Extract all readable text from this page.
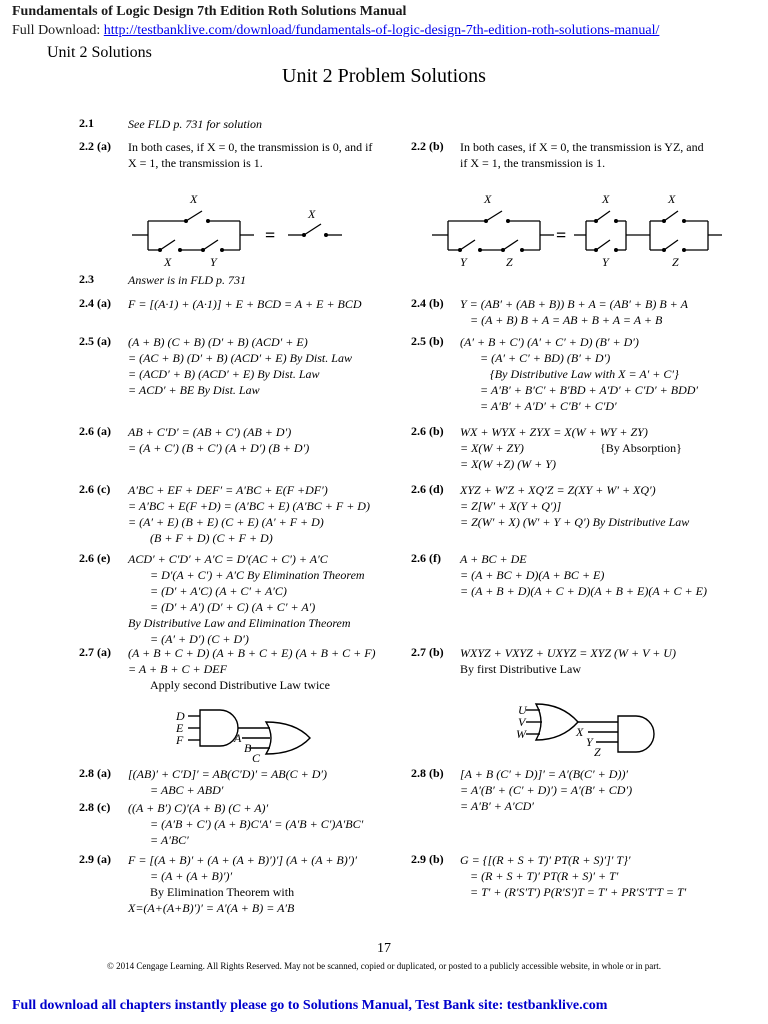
Fundamentals of Logic Design 7th Edition Roth Solutions Manual
Full Download: http://testbanklive.com/download/fundamentals-of-logic-design-7th-edition-roth-solutions-manual/
Unit 2 Solutions
Unit 2 Problem Solutions
2.1	See FLD p. 731 for solution
2.2 (a) In both cases, if X = 0, the transmission is 0, and if
X = 1, the transmission is 1.
2.2 (b) In both cases, if X = 0, the transmission is YZ, and
if X = 1, the transmission is 1.
X
X	Y
=
X
X
Y	Z
=
X
Y
X
Z
2.3	Answer is in FLD p. 731
2.4 (a) F = [(A·1) + (A·1)] + E + BCD = A + E + BCD	2.4 (b) Y = (AB′ + (AB + B)) B + A = (AB′ + B) B + A
= (A + B) B + A = AB + B + A = A + B
2.5 (a) (A + B) (C + B) (D′ + B) (ACD′ + E)
= (AC + B) (D′ + B) (ACD′ + E) By Dist. Law
= (ACD′ + B) (ACD′ + E) By Dist. Law
= ACD′ + BE By Dist. Law
2.5 (b) (A′ + B + C′) (A′ + C′ + D) (B′ + D′)
= (A′ + C′ + BD) (B′ + D′)
{By Distributive Law with X = A′ + C′}
= A′B′ + B′C′ + B′BD + A′D′ + C′D′ + BDD′
= A′B′ + A′D′ + C′B′ + C′D′
2.6 (a) AB + C′D′ = (AB + C′) (AB + D′)
= (A + C′) (B + C′) (A + D′) (B + D′)
2.6 (b) WX + WYX + ZYX = X(W + WY + ZY)
= X(W + ZY)
= X(W +Z) (W + Y)
{By Absorption}
2.6 (c) A′BC + EF + DEF′ = A′BC + E(F +DF′)
= A′BC + E(F +D) = (A′BC + E) (A′BC + F + D)
= (A′ + E) (B + E) (C + E) (A′ + F + D)
(B + F + D) (C + F + D)
2.6 (d) XYZ + W′Z + XQ′Z = Z(XY + W′ + XQ′)
= Z[W′ + X(Y + Q′)]
= Z(W′ + X) (W′ + Y + Q′) By Distributive Law
2.6 (e) ACD′ + C′D′ + A′C = D′(AC + C′) + A′C
= D′(A + C′) + A′C By Elimination Theorem
= (D′ + A′C) (A + C′ + A′C)
= (D′ + A′) (D′ + C) (A + C′ + A′)
By Distributive Law and Elimination Theorem
= (A′ + D′) (C + D′)
2.6 (f) A + BC + DE
= (A + BC + D)(A + BC + E)
= (A + B + D)(A + C + D)(A + B + E)(A + C + E)
2.7 (a) (A + B + C + D) (A + B + C + E) (A + B + C + F)
= A + B + C + DEF
Apply second Distributive Law twice
2.7 (b) WXYZ + VXYZ + UXYZ = XYZ (W + V + U)
By first Distributive Law
D
E
F	A
B
C
U
V
W	X
Y
Z
2.8 (a) [(AB)′ + C′D]′ = AB(C′D)′ = AB(C + D′)
= ABC + ABD′
2.8 (b) [A + B (C′ + D)]′ = A′(B(C′ + D))′
= A′(B′ + (C′ + D)′) = A′(B′ + CD′)
= A′B′ + A′CD′
2.8 (c) ((A + B′) C)′(A + B) (C + A)′
= (A′B + C′) (A + B)C′A′ = (A′B + C′)A′BC′
= A′BC′
2.9 (a) F = [(A + B)′ + (A + (A + B)′)′] (A + (A + B)′)′
= (A + (A + B)′)′
By Elimination Theorem with
X=(A+(A+B)′)′ = A′(A + B) = A′B
2.9 (b) G = {[(R + S + T)′ PT(R + S)′]′ T}′
= (R + S + T)′ PT(R + S)′ + T′
= T′ + (R′S′T′) P(R′S′)T = T′ + PR′S′T′T = T′
17
© 2014 Cengage Learning. All Rights Reserved. May not be scanned, copied or duplicated, or posted to a publicly accessible website, in whole or in part.
Full download all chapters instantly please go to Solutions Manual, Test Bank site: testbanklive.com
